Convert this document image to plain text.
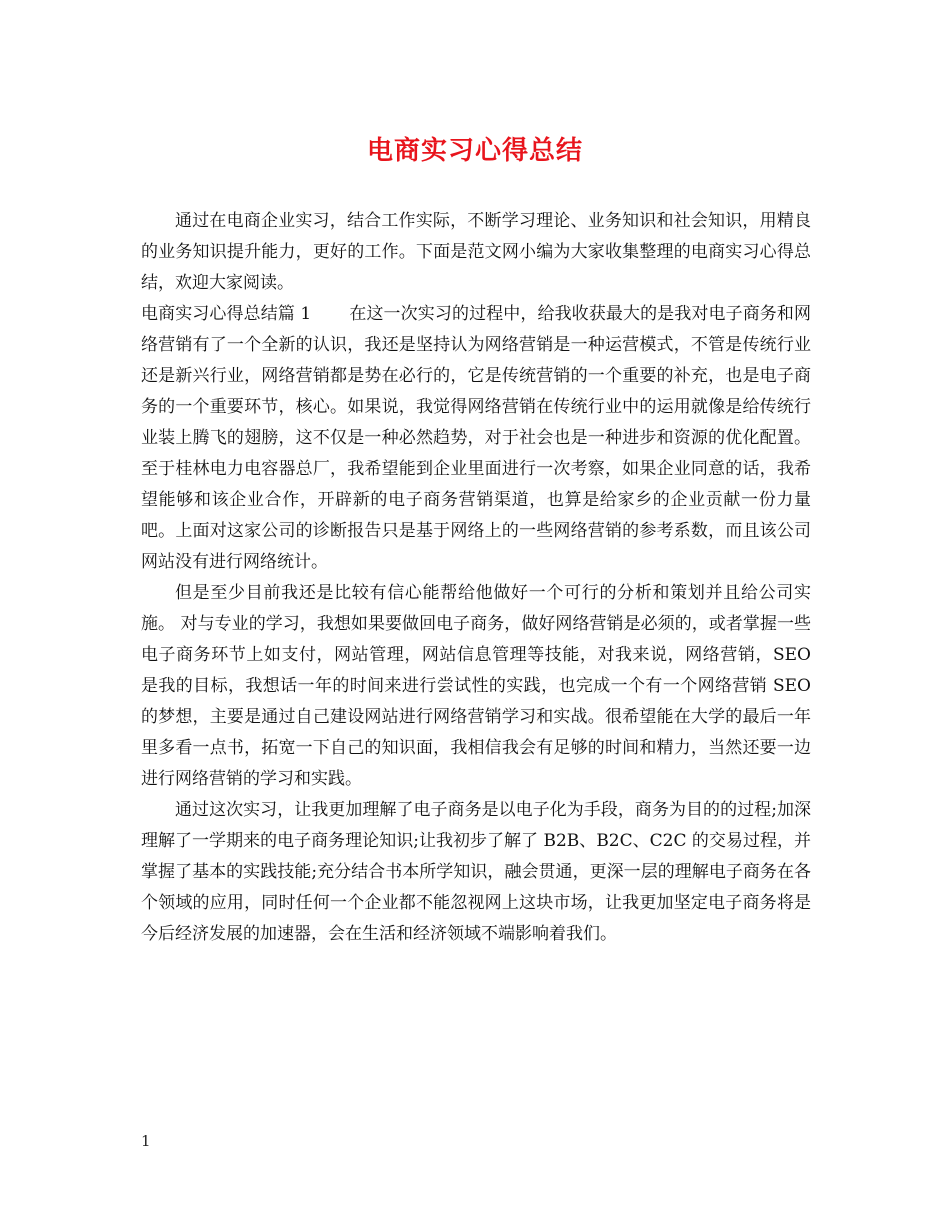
电商实习心得总结

通过在电商企业实习，结合工作实际，不断学习理论、业务知识和社会知识，用精良的业务知识提升能力，更好的工作。下面是范文网小编为大家收集整理的电商实习心得总结，欢迎大家阅读。

电商实习心得总结篇 1 在这一次实习的过程中，给我收获最大的是我对电子商务和网络营销有了一个全新的认识，我还是坚持认为网络营销是一种运营模式，不管是传统行业还是新兴行业，网络营销都是势在必行的，它是传统营销的一个重要的补充，也是电子商务的一个重要环节，核心。如果说，我觉得网络营销在传统行业中的运用就像是给传统行业装上腾飞的翅膀，这不仅是一种必然趋势，对于社会也是一种进步和资源的优化配置。至于桂林电力电容器总厂，我希望能到企业里面进行一次考察，如果企业同意的话，我希望能够和该企业合作，开辟新的电子商务营销渠道，也算是给家乡的企业贡献一份力量吧。上面对这家公司的诊断报告只是基于网络上的一些网络营销的参考系数，而且该公司网站没有进行网络统计。

但是至少目前我还是比较有信心能帮给他做好一个可行的分析和策划并且给公司实施。 对与专业的学习，我想如果要做回电子商务，做好网络营销是必须的，或者掌握一些电子商务环节上如支付，网站管理，网站信息管理等技能，对我来说，网络营销，SEO 是我的目标，我想话一年的时间来进行尝试性的实践，也完成一个有一个网络营销 SEO 的梦想，主要是通过自己建设网站进行网络营销学习和实战。很希望能在大学的最后一年里多看一点书，拓宽一下自己的知识面，我相信我会有足够的时间和精力，当然还要一边进行网络营销的学习和实践。

通过这次实习，让我更加理解了电子商务是以电子化为手段，商务为目的的过程;加深理解了一学期来的电子商务理论知识;让我初步了解了 B2B、B2C、C2C 的交易过程，并掌握了基本的实践技能;充分结合书本所学知识，融会贯通，更深一层的理解电子商务在各个领域的应用，同时任何一个企业都不能忽视网上这块市场，让我更加坚定电子商务将是今后经济发展的加速器，会在生活和经济领域不端影响着我们。

1
